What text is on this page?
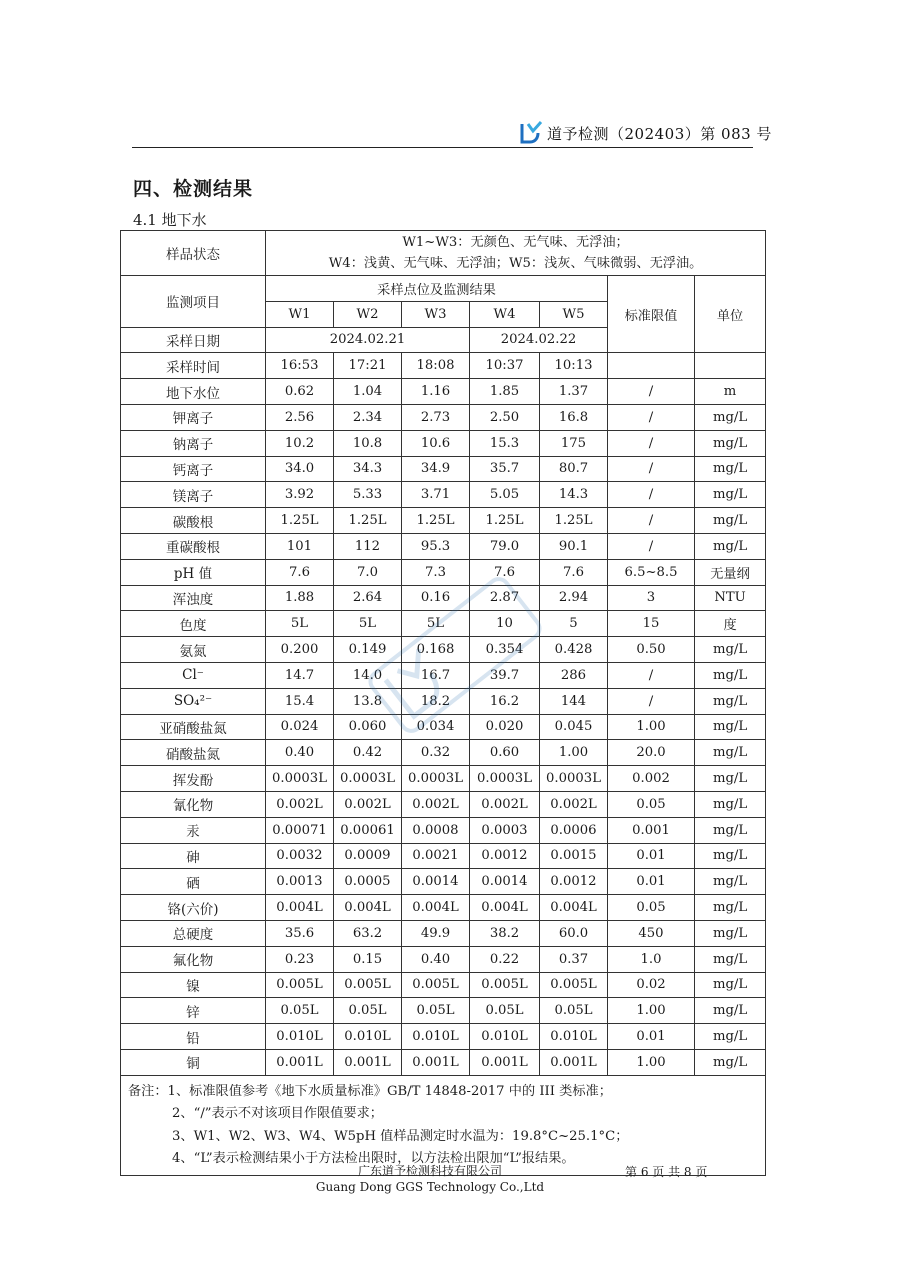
道予检测（202403）第 083 号
四、检测结果
4.1 地下水
样品状态	W1~W3：无颜色、无气味、无浮油；
W4：浅黄、无气味、无浮油；W5：浅灰、气味微弱、无浮油。						

监测项目	采样点位及监测结果					标准限值	单位
	W1	W2	W3	W4	W5		
采样日期	2024.02.21			2024.02.22			
采样时间	16:53	17:21	18:08	10:37	10:13		
地下水位	0.62	1.04	1.16	1.85	1.37	/	m
钾离子	2.56	2.34	2.73	2.50	16.8	/	mg/L
钠离子	10.2	10.8	10.6	15.3	175	/	mg/L
钙离子	34.0	34.3	34.9	35.7	80.7	/	mg/L
镁离子	3.92	5.33	3.71	5.05	14.3	/	mg/L
碳酸根	1.25L	1.25L	1.25L	1.25L	1.25L	/	mg/L
重碳酸根	101	112	95.3	79.0	90.1	/	mg/L
pH 值	7.6	7.0	7.3	7.6	7.6	6.5~8.5	无量纲
浑浊度	1.88	2.64	0.16	2.87	2.94	3	NTU
色度	5L	5L	5L	10	5	15	度
氨氮	0.200	0.149	0.168	0.354	0.428	0.50	mg/L
Cl⁻	14.7	14.0	16.7	39.7	286	/	mg/L
SO₄²⁻	15.4	13.8	18.2	16.2	144	/	mg/L
亚硝酸盐氮	0.024	0.060	0.034	0.020	0.045	1.00	mg/L
硝酸盐氮	0.40	0.42	0.32	0.60	1.00	20.0	mg/L
挥发酚	0.0003L	0.0003L	0.0003L	0.0003L	0.0003L	0.002	mg/L
氰化物	0.002L	0.002L	0.002L	0.002L	0.002L	0.05	mg/L
汞	0.00071	0.00061	0.0008	0.0003	0.0006	0.001	mg/L
砷	0.0032	0.0009	0.0021	0.0012	0.0015	0.01	mg/L
硒	0.0013	0.0005	0.0014	0.0014	0.0012	0.01	mg/L
铬(六价)	0.004L	0.004L	0.004L	0.004L	0.004L	0.05	mg/L
总硬度	35.6	63.2	49.9	38.2	60.0	450	mg/L
氟化物	0.23	0.15	0.40	0.22	0.37	1.0	mg/L
镍	0.005L	0.005L	0.005L	0.005L	0.005L	0.02	mg/L
锌	0.05L	0.05L	0.05L	0.05L	0.05L	1.00	mg/L
铅	0.010L	0.010L	0.010L	0.010L	0.010L	0.01	mg/L
铜	0.001L	0.001L	0.001L	0.001L	0.001L	1.00	mg/L

备注：1、标准限值参考《地下水质量标准》GB/T 14848-2017 中的 III 类标准；
2、“/”表示不对该项目作限值要求；
3、W1、W2、W3、W4、W5pH 值样品测定时水温为：19.8°C~25.1°C；
4、“L”表示检测结果小于方法检出限时，以方法检出限加“L”报结果。							
广东道予检测科技有限公司
Guang Dong GGS Technology Co.,Ltd
第 6 页 共 8 页
